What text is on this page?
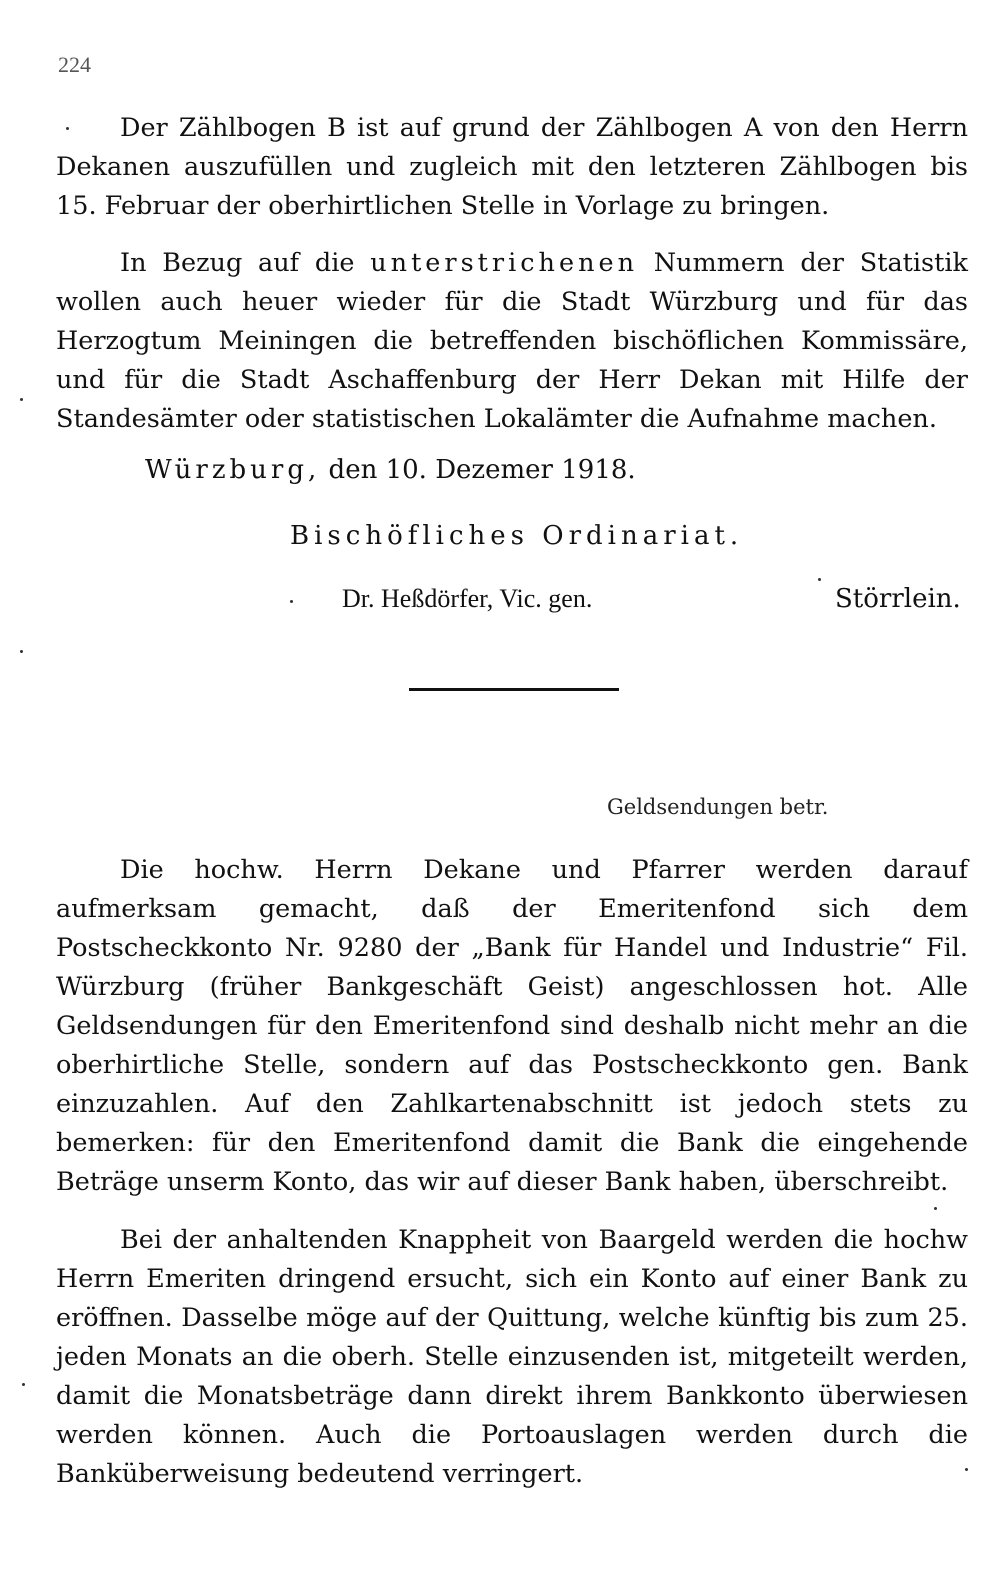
224

Der Zählbogen B ist auf grund der Zählbogen A von den Herrn Dekanen auszufüllen und zugleich mit den letzteren Zählbogen bis 15. Februar der oberhirtlichen Stelle in Vorlage zu bringen.

In Bezug auf die unterstrichenen Nummern der Statistik wollen auch heuer wieder für die Stadt Würzburg und für das Herzogtum Meiningen die betreffenden bischöflichen Kommissäre, und für die Stadt Aschaffenburg der Herr Dekan mit Hilfe der Standesämter oder statistischen Lokalämter die Aufnahme machen.

Würzburg, den 10. Dezemer 1918.
Bischöfliches Ordinariat.
Dr. Heßdörfer, Vic. gen.	Störrlein.
Geldsendungen betr.

Die hochw. Herrn Dekane und Pfarrer werden darauf aufmerksam gemacht, daß der Emeritenfond sich dem Postscheckkonto Nr. 9280 der „Bank für Handel und Industrie“ Fil. Würzburg (früher Bankgeschäft Geist) angeschlossen hot. Alle Geldsendungen für den Emeritenfond sind deshalb nicht mehr an die oberhirtliche Stelle, sondern auf das Postscheckkonto gen. Bank einzuzahlen. Auf den Zahlkartenabschnitt ist jedoch stets zu bemerken: für den Emeritenfond damit die Bank die eingehende Beträge unserm Konto, das wir auf dieser Bank haben, überschreibt.

Bei der anhaltenden Knappheit von Baargeld werden die hochw Herrn Emeriten dringend ersucht, sich ein Konto auf einer Bank zu eröffnen. Dasselbe möge auf der Quittung, welche künftig bis zum 25. jeden Monats an die oberh. Stelle einzusenden ist, mitgeteilt werden, damit die Monatsbeträge dann direkt ihrem Bankkonto überwiesen werden können. Auch die Portoauslagen werden durch die Banküberweisung bedeutend verringert.
